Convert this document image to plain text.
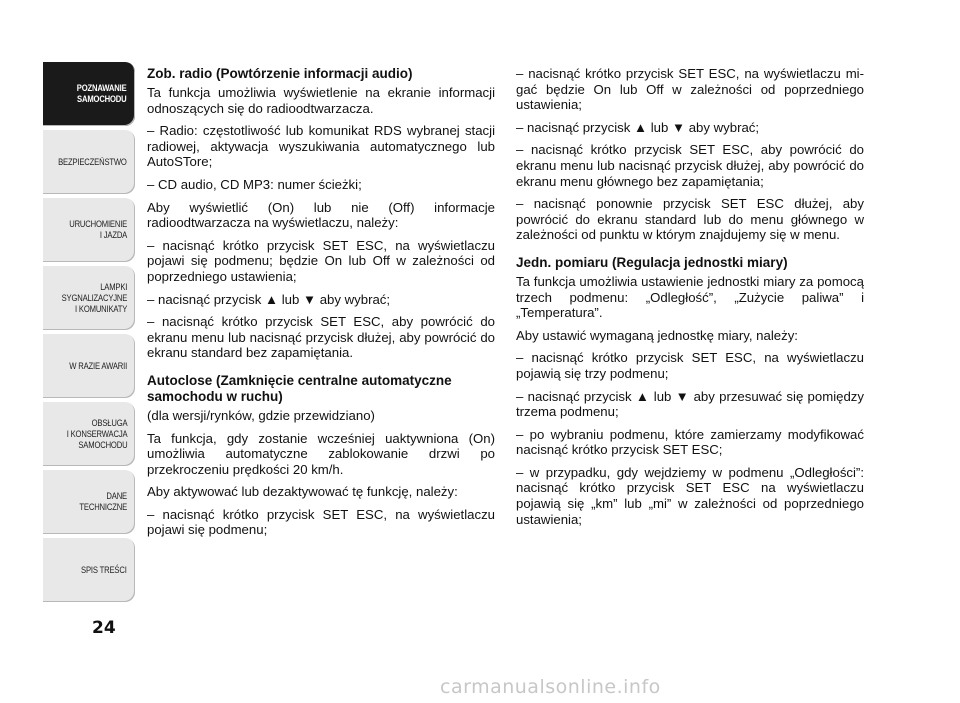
POZNAWANIE
SAMOCHODU
BEZPIECZEŃSTWO
URUCHOMIENIE
I JAZDA
LAMPKI
SYGNALIZACYJNE
I KOMUNIKATY
W RAZIE AWARII
OBSŁUGA
I KONSERWACJA
SAMOCHODU
DANE
TECHNICZNE
SPIS TREŚCI
24
Zob. radio (Powtórzenie informacji audio)

Ta funkcja umożliwia wyświetlenie na ekranie informacji odnoszących się do radioodtwarzacza.

– Radio: częstotliwość lub komunikat RDS wybranej stacji radiowej, aktywacja wyszukiwania automatycznego lub AutoSTore;

– CD audio, CD MP3: numer ścieżki;

Aby wyświetlić (On) lub nie (Off) informacje radioodtwarzacza na wyświetlaczu, należy:

– nacisnąć krótko przycisk SET ESC, na wyświetlaczu pojawi się podmenu; będzie On lub Off w zależności od poprzedniego ustawienia;

– nacisnąć przycisk ▲ lub ▼ aby wybrać;

– nacisnąć krótko przycisk SET ESC, aby powrócić do ekranu menu lub nacisnąć przycisk dłużej, aby powrócić do ekranu standard bez zapamiętania.

Autoclose (Zamknięcie centralne automatyczne samochodu w ruchu)
(dla wersji/rynków, gdzie przewidziano)

Ta funkcja, gdy zostanie wcześniej uaktywniona (On) umożliwia automatyczne zablokowanie drzwi po przekroczeniu prędkości 20 km/h.

Aby aktywować lub dezaktywować tę funkcję, należy:

– nacisnąć krótko przycisk SET ESC, na wyświetlaczu pojawi się podmenu;

– nacisnąć krótko przycisk SET ESC, na wyświetlaczu mi-gać będzie On lub Off w zależności od poprzedniego ustawienia;

– nacisnąć przycisk ▲ lub ▼ aby wybrać;

– nacisnąć krótko przycisk SET ESC, aby powrócić do ekranu menu lub nacisnąć przycisk dłużej, aby powrócić do ekranu menu głównego bez zapamiętania;

– nacisnąć ponownie przycisk SET ESC dłużej, aby powrócić do ekranu standard lub do menu głównego w zależności od punktu w którym znajdujemy się w menu.

Jedn. pomiaru (Regulacja jednostki miary)

Ta funkcja umożliwia ustawienie jednostki miary za pomocą trzech podmenu: „Odległość”, „Zużycie paliwa” i „Temperatura”.

Aby ustawić wymaganą jednostkę miary, należy:

– nacisnąć krótko przycisk SET ESC, na wyświetlaczu pojawią się trzy podmenu;

– nacisnąć przycisk ▲ lub ▼ aby przesuwać się pomiędzy trzema podmenu;

– po wybraniu podmenu, które zamierzamy modyfikować nacisnąć krótko przycisk SET ESC;

– w przypadku, gdy wejdziemy w podmenu „Odległości”: nacisnąć krótko przycisk SET ESC na wyświetlaczu pojawią się „km” lub „mi” w zależności od poprzedniego ustawienia;

carmanualsonline.info
